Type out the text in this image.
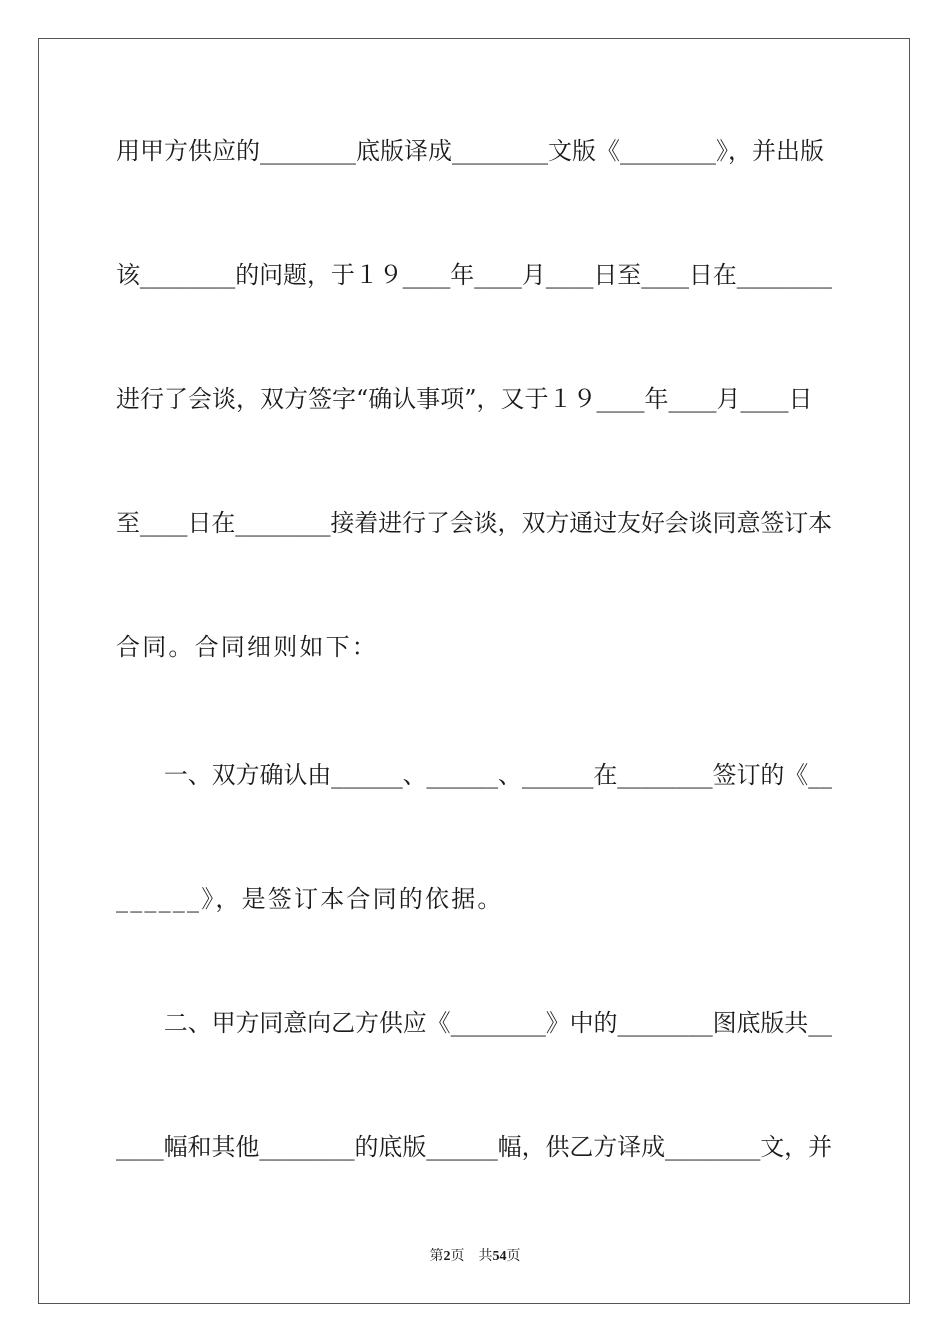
用甲方供应的________底版译成________文版《________》，并出版
该________的问题，于１９____年____月____日至____日在________
进行了会谈，双方签字“确认事项”，又于１９____年____月____日
至____日在________接着进行了会谈，双方通过友好会谈同意签订本
合同。合同细则如下：
　　一、双方确认由______、______、______在________签订的《__
______》，是签订本合同的依据。
　　二、甲方同意向乙方供应《________》中的________图底版共__
____幅和其他________的底版______幅，供乙方译成________文，并
第2页　共54页
